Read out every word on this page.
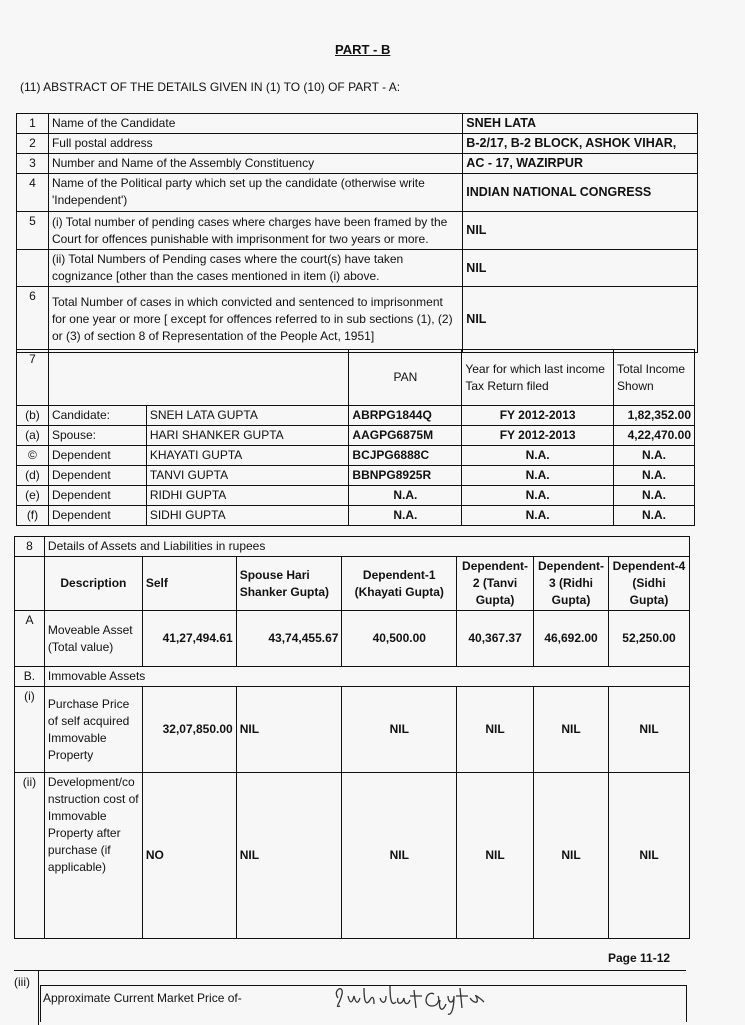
PART - B
(11) ABSTRACT OF THE DETAILS GIVEN IN (1) TO (10) OF PART - A:
1	Name of the Candidate	SNEH LATA
2	Full postal address	B-2/17, B-2 BLOCK, ASHOK VIHAR,
3	Number and Name of the Assembly Constituency	AC - 17, WAZIRPUR
4	Name of the Political party which set up the candidate (otherwise write 'Independent')	INDIAN NATIONAL CONGRESS
5	(i) Total number of pending cases where charges have been framed by the Court for offences punishable with imprisonment for two years or more.	NIL
	(ii) Total Numbers of Pending cases where the court(s) have taken cognizance [other than the cases mentioned in item (i) above.	NIL
6	Total Number of cases in which convicted and sentenced to imprisonment for one year or more [ except for offences referred to in sub sections (1), (2) or (3) of section 8 of Representation of the People Act, 1951]	NIL
7			PAN	Year for which last income Tax Return filed	Total Income Shown
(b)	Candidate:	SNEH LATA GUPTA	ABRPG1844Q	FY 2012-2013	1,82,352.00
(a)	Spouse:	HARI SHANKER GUPTA	AAGPG6875M	FY 2012-2013	4,22,470.00
©	Dependent	KHAYATI GUPTA	BCJPG6888C	N.A.	N.A.
(d)	Dependent	TANVI GUPTA	BBNPG8925R	N.A.	N.A.
(e)	Dependent	RIDHI GUPTA	N.A.	N.A.	N.A.
(f)	Dependent	SIDHI GUPTA	N.A.	N.A.	N.A.
8	Details of Assets and Liabilities in rupees						
	Description	Self	Spouse Hari Shanker Gupta)	Dependent-1 (Khayati Gupta)	Dependent- 2 (Tanvi Gupta)	Dependent- 3 (Ridhi Gupta)	Dependent-4 (Sidhi Gupta)
A	Moveable Asset (Total value)	41,27,494.61	43,74,455.67	40,500.00	40,367.37	46,692.00	52,250.00
B.	Immovable Assets						
(i)	Purchase Price of self acquired Immovable Property	32,07,850.00	NIL	NIL	NIL	NIL	NIL
(ii)	Development/co nstruction cost of Immovable Property after purchase (if applicable)	NO	NIL	NIL	NIL	NIL	NIL
Page 11-12
(iii)
Approximate Current Market Price of-
